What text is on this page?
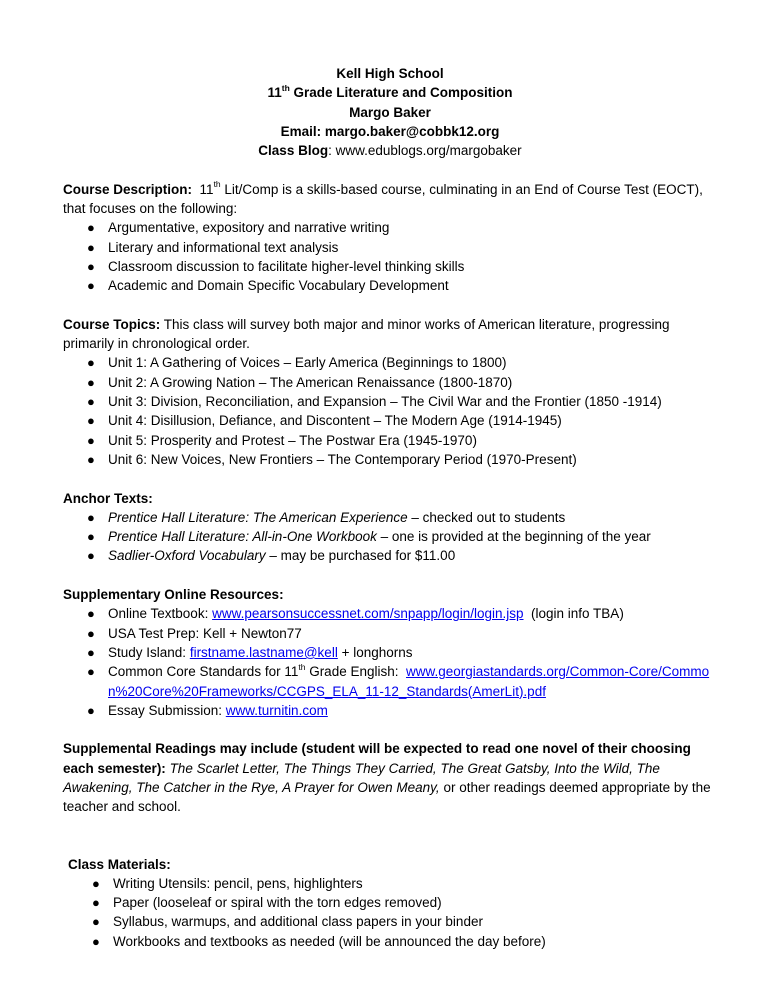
Kell High School
11th Grade Literature and Composition
Margo Baker
Email: margo.baker@cobbk12.org
Class Blog: www.edublogs.org/margobaker
Course Description: 11th Lit/Comp is a skills-based course, culminating in an End of Course Test (EOCT), that focuses on the following:
● Argumentative, expository and narrative writing
● Literary and informational text analysis
● Classroom discussion to facilitate higher-level thinking skills
● Academic and Domain Specific Vocabulary Development
Course Topics: This class will survey both major and minor works of American literature, progressing primarily in chronological order.
● Unit 1: A Gathering of Voices – Early America (Beginnings to 1800)
● Unit 2: A Growing Nation – The American Renaissance (1800-1870)
● Unit 3: Division, Reconciliation, and Expansion – The Civil War and the Frontier (1850 -1914)
● Unit 4: Disillusion, Defiance, and Discontent – The Modern Age (1914-1945)
● Unit 5: Prosperity and Protest – The Postwar Era (1945-1970)
● Unit 6: New Voices, New Frontiers – The Contemporary Period (1970-Present)
Anchor Texts:
● Prentice Hall Literature: The American Experience – checked out to students
● Prentice Hall Literature: All-in-One Workbook – one is provided at the beginning of the year
● Sadlier-Oxford Vocabulary – may be purchased for $11.00
Supplementary Online Resources:
● Online Textbook: www.pearsonsuccessnet.com/snpapp/login/login.jsp  (login info TBA)
● USA Test Prep: Kell + Newton77
● Study Island: firstname.lastname@kell + longhorns
● Common Core Standards for 11th Grade English:  www.georgiastandards.org/Common-Core/Common%20Core%20Frameworks/CCGPS_ELA_11-12_Standards(AmerLit).pdf
● Essay Submission: www.turnitin.com
Supplemental Readings may include (student will be expected to read one novel of their choosing each semester): The Scarlet Letter, The Things They Carried, The Great Gatsby, Into the Wild, The Awakening, The Catcher in the Rye, A Prayer for Owen Meany, or other readings deemed appropriate by the teacher and school.
Class Materials:
● Writing Utensils: pencil, pens, highlighters
● Paper (looseleaf or spiral with the torn edges removed)
● Syllabus, warmups, and additional class papers in your binder
● Workbooks and textbooks as needed (will be announced the day before)
